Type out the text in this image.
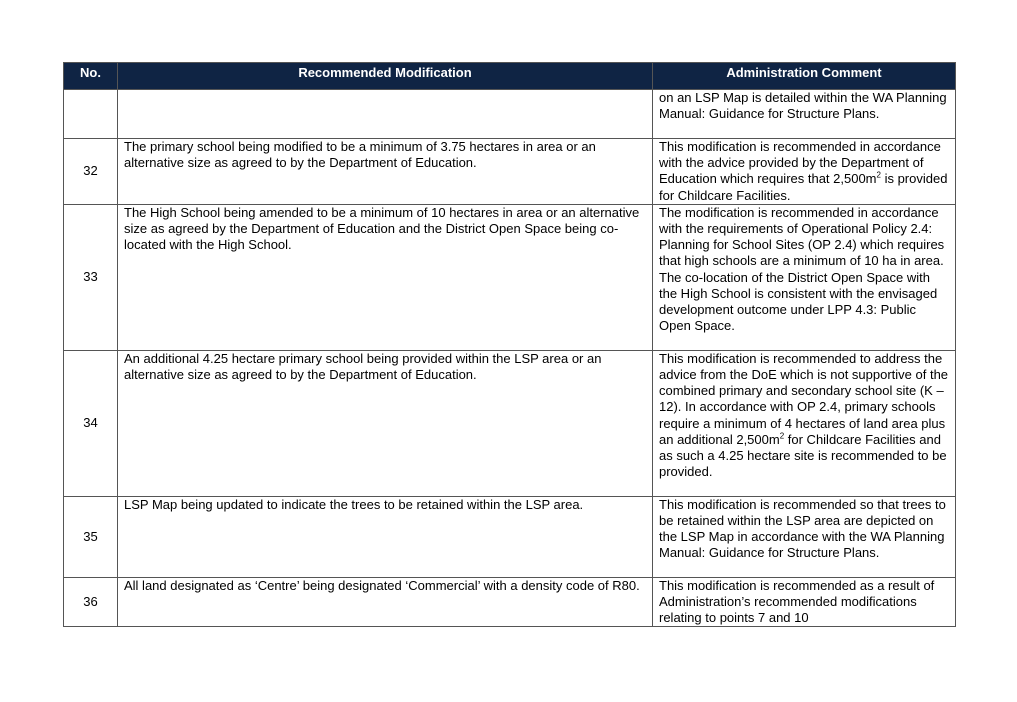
No.	Recommended Modification	Administration Comment
		on an LSP Map is detailed within the WA Planning Manual: Guidance for Structure Plans.
32	The primary school being modified to be a minimum of 3.75 hectares in area or an alternative size as agreed to by the Department of Education.	This modification is recommended in accordance with the advice provided by the Department of Education which requires that $2,500m^2$ is provided for Childcare Facilities.

33	The High School being amended to be a minimum of 10 hectares in area or an alternative size as agreed by the Department of Education and the District Open Space being co-located with the High School.	The modification is recommended in accordance with the requirements of Operational Policy 2.4: Planning for School Sites (OP 2.4) which requires that high schools are a minimum of 10 ha in area. The co-location of the District Open Space with the High School is consistent with the envisaged development outcome under LPP 4.3: Public Open Space.
34	An additional 4.25 hectare primary school being provided within the LSP area or an alternative size as agreed to by the Department of Education.	This modification is recommended to address the advice from the DoE which is not supportive of the combined primary and secondary school site (K – 12). In accordance with OP 2.4, primary schools require a minimum of 4 hectares of land area plus an additional $2,500m^2$ for Childcare Facilities and as such a 4.25 hectare site is recommended to be provided.

35	LSP Map being updated to indicate the trees to be retained within the LSP area.	This modification is recommended so that trees to be retained within the LSP area are depicted on the LSP Map in accordance with the WA Planning Manual: Guidance for Structure Plans.
36	All land designated as ‘Centre’ being designated ‘Commercial’ with a density code of R80.	This modification is recommended as a result of Administration’s recommended modifications relating to points 7 and 10
